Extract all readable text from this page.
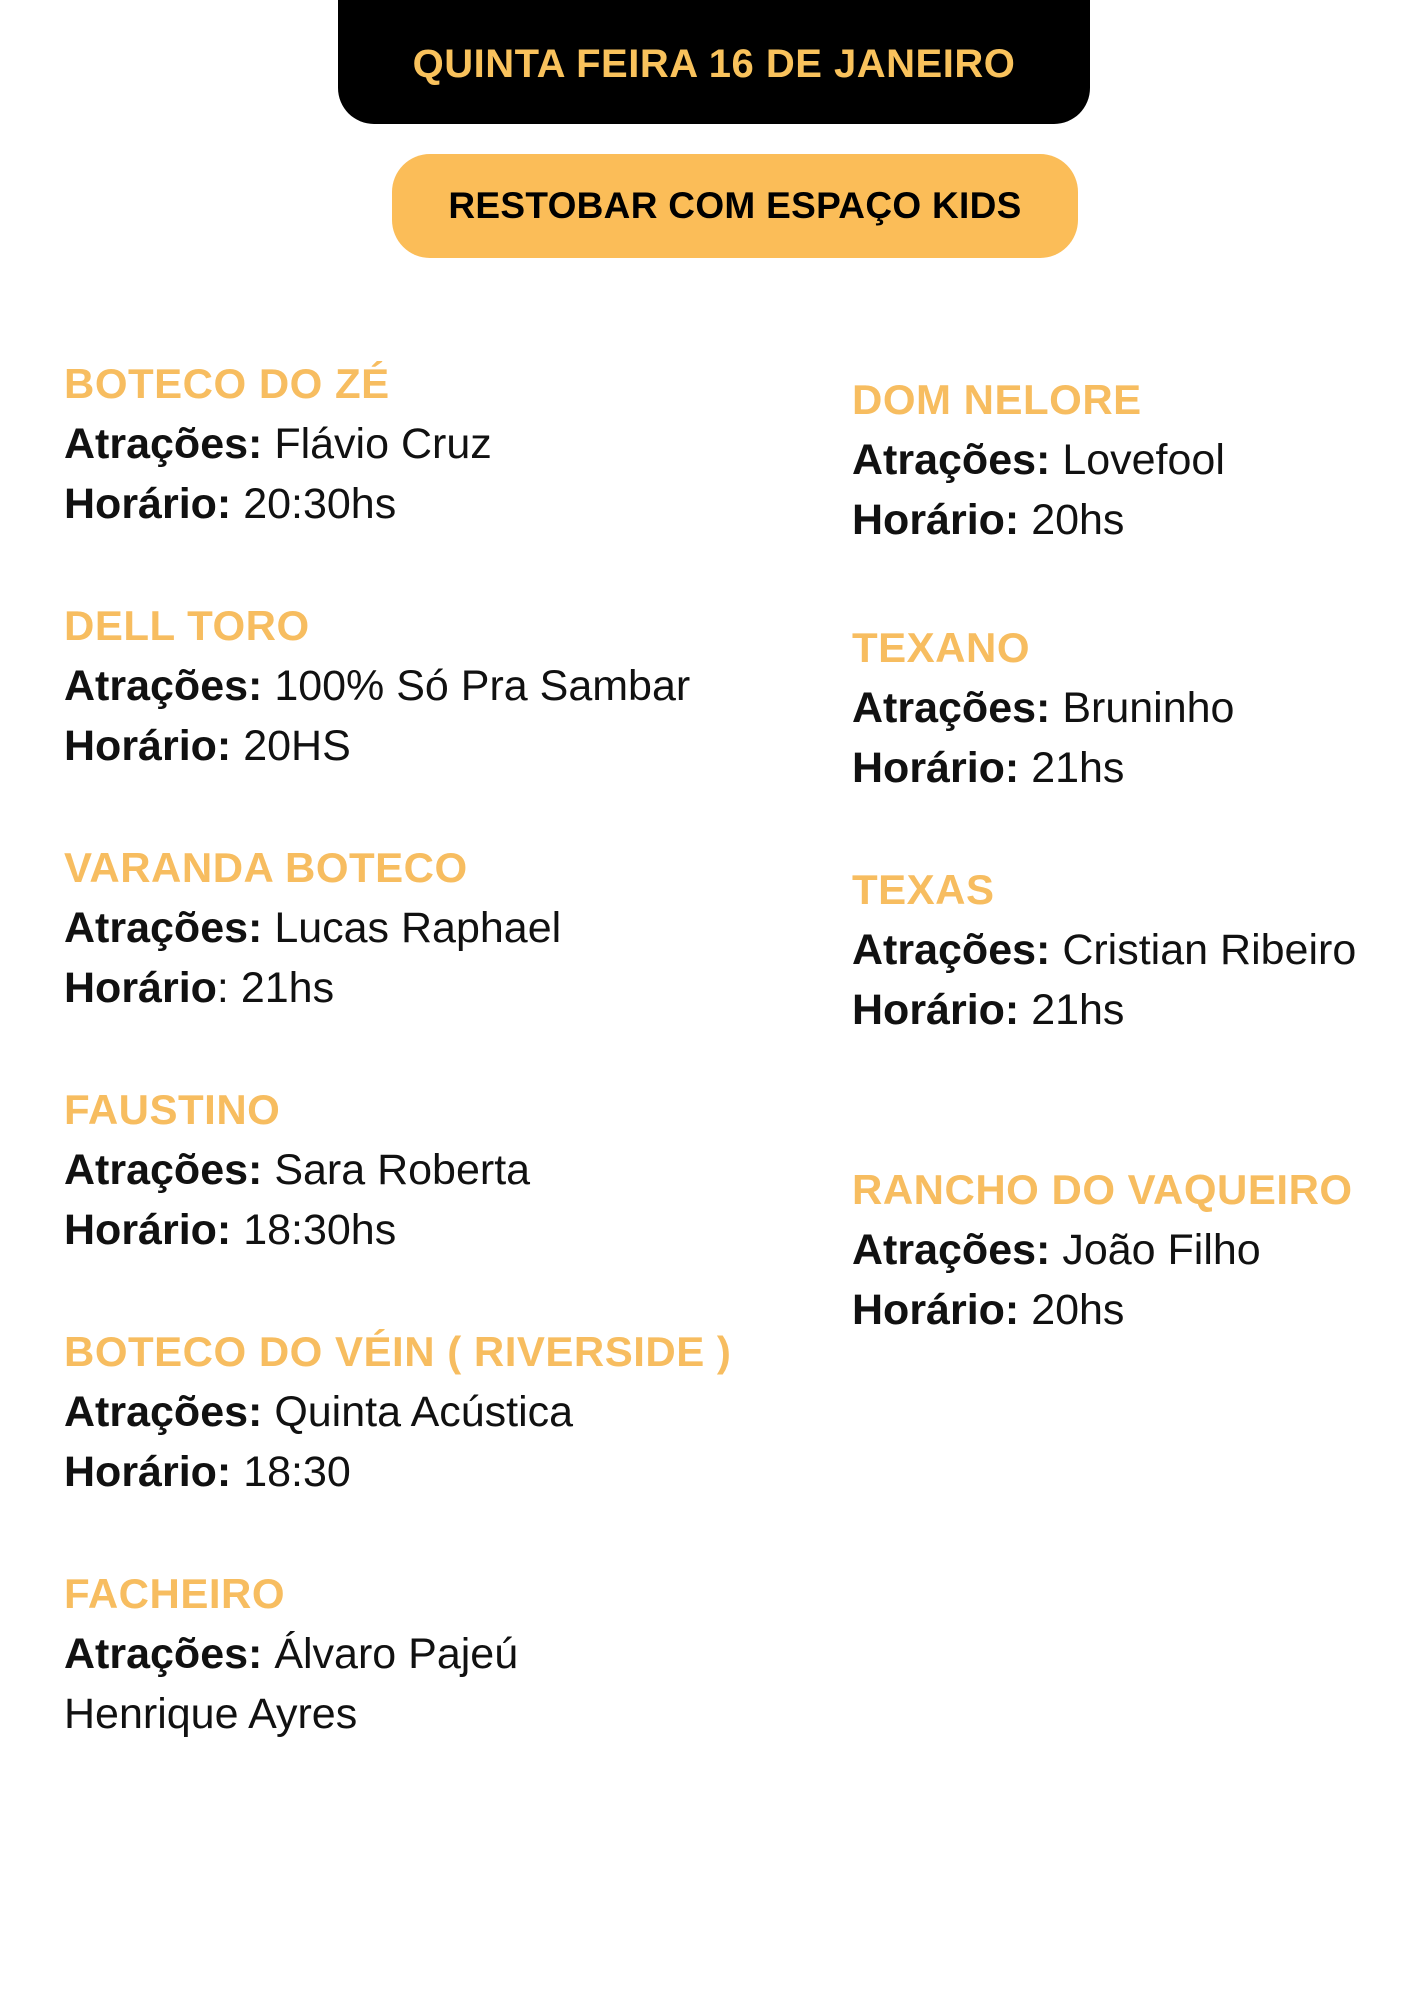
QUINTA FEIRA 16 DE JANEIRO
RESTOBAR COM ESPAÇO KIDS
BOTECO DO ZÉ
Atrações: Flávio Cruz
Horário: 20:30hs
DELL TORO
Atrações: 100% Só Pra Sambar
Horário: 20HS
VARANDA BOTECO
Atrações: Lucas Raphael
Horário: 21hs
FAUSTINO
Atrações: Sara Roberta
Horário: 18:30hs
BOTECO DO VÉIN ( RIVERSIDE )
Atrações: Quinta Acústica
Horário: 18:30
FACHEIRO
Atrações: Álvaro Pajeú
Henrique Ayres
DOM NELORE
Atrações: Lovefool
Horário: 20hs
TEXANO
Atrações: Bruninho
Horário: 21hs
TEXAS
Atrações: Cristian Ribeiro
Horário: 21hs
RANCHO DO VAQUEIRO
Atrações: João Filho
Horário: 20hs
